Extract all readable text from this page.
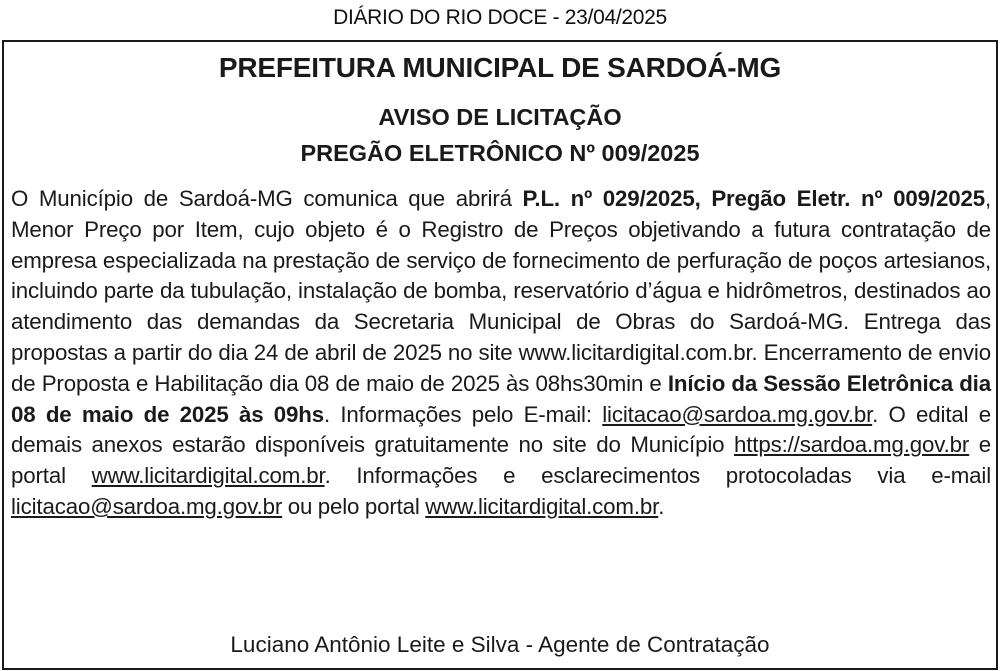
DIÁRIO DO RIO DOCE - 23/04/2025
PREFEITURA MUNICIPAL DE SARDOÁ-MG
AVISO DE LICITAÇÃO
PREGÃO ELETRÔNICO Nº 009/2025
O Município de Sardoá-MG comunica que abrirá P.L. nº 029/2025, Pregão Eletr. nº 009/2025, Menor Preço por Item, cujo objeto é o Registro de Preços objetivando a futura contratação de empresa especializada na prestação de serviço de fornecimento de perfuração de poços artesianos, incluindo parte da tubulação, instalação de bomba, reservatório d’água e hidrômetros, destinados ao atendimento das demandas da Secretaria Municipal de Obras do Sardoá-MG. Entrega das propostas a partir do dia 24 de abril de 2025 no site www.licitardigital.com.br. Encerramento de envio de Proposta e Habilitação dia 08 de maio de 2025 às 08hs30min e Início da Sessão Eletrônica dia 08 de maio de 2025 às 09hs. Informações pelo E-mail: licitacao@sardoa.mg.gov.br. O edital e demais anexos estarão disponíveis gratuitamente no site do Município https://sardoa.mg.gov.br e portal www.licitardigital.com.br. Informações e esclarecimentos protocoladas via e-mail licitacao@sardoa.mg.gov.br ou pelo portal www.licitardigital.com.br.
Luciano Antônio Leite e Silva - Agente de Contratação
